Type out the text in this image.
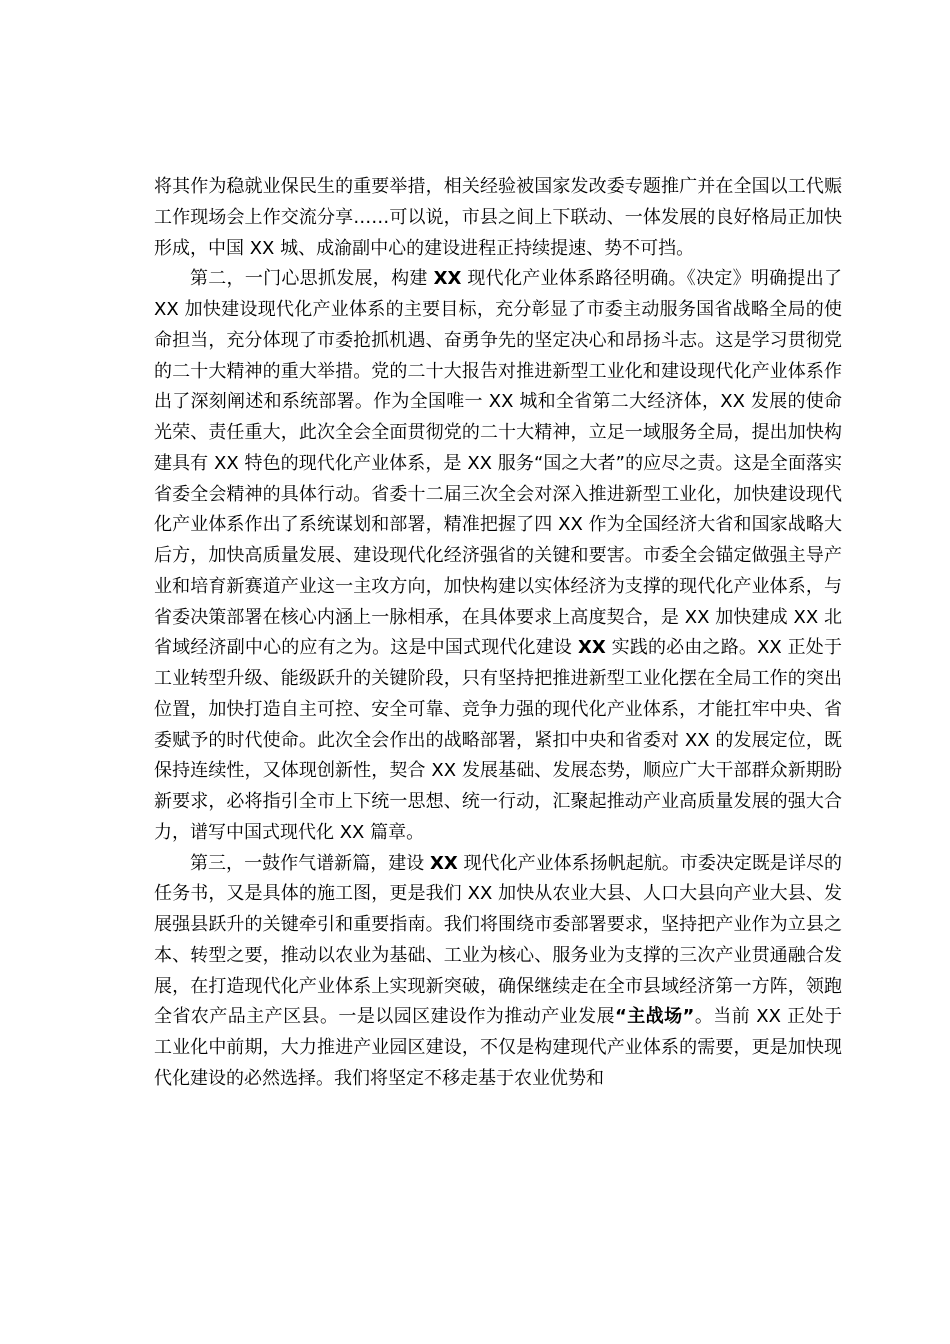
将其作为稳就业保民生的重要举措，相关经验被国家发改委专题推广并在全国以工代赈工作现场会上作交流分享……可以说，市县之间上下联动、一体发展的良好格局正加快形成，中国 XX 城、成渝副中心的建设进程正持续提速、势不可挡。

第二，一门心思抓发展，构建 XX 现代化产业体系路径明确。《决定》明确提出了 XX 加快建设现代化产业体系的主要目标，充分彰显了市委主动服务国省战略全局的使命担当，充分体现了市委抢抓机遇、奋勇争先的坚定决心和昂扬斗志。这是学习贯彻党的二十大精神的重大举措。党的二十大报告对推进新型工业化和建设现代化产业体系作出了深刻阐述和系统部署。作为全国唯一 XX 城和全省第二大经济体，XX 发展的使命光荣、责任重大，此次全会全面贯彻党的二十大精神，立足一域服务全局，提出加快构建具有 XX 特色的现代化产业体系，是 XX 服务“国之大者”的应尽之责。这是全面落实省委全会精神的具体行动。省委十二届三次全会对深入推进新型工业化，加快建设现代化产业体系作出了系统谋划和部署，精准把握了四 XX 作为全国经济大省和国家战略大后方，加快高质量发展、建设现代化经济强省的关键和要害。市委全会锚定做强主导产业和培育新赛道产业这一主攻方向，加快构建以实体经济为支撑的现代化产业体系，与省委决策部署在核心内涵上一脉相承，在具体要求上高度契合，是 XX 加快建成 XX 北省域经济副中心的应有之为。这是中国式现代化建设 XX 实践的必由之路。XX 正处于工业转型升级、能级跃升的关键阶段，只有坚持把推进新型工业化摆在全局工作的突出位置，加快打造自主可控、安全可靠、竞争力强的现代化产业体系，才能扛牢中央、省委赋予的时代使命。此次全会作出的战略部署，紧扣中央和省委对 XX 的发展定位，既保持连续性，又体现创新性，契合 XX 发展基础、发展态势，顺应广大干部群众新期盼新要求，必将指引全市上下统一思想、统一行动，汇聚起推动产业高质量发展的强大合力，谱写中国式现代化 XX 篇章。

第三，一鼓作气谱新篇，建设 XX 现代化产业体系扬帆起航。市委决定既是详尽的任务书，又是具体的施工图，更是我们 XX 加快从农业大县、人口大县向产业大县、发展强县跃升的关键牵引和重要指南。我们将围绕市委部署要求，坚持把产业作为立县之本、转型之要，推动以农业为基础、工业为核心、服务业为支撑的三次产业贯通融合发展，在打造现代化产业体系上实现新突破，确保继续走在全市县域经济第一方阵，领跑全省农产品主产区县。一是以园区建设作为推动产业发展“主战场”。当前 XX 正处于工业化中前期，大力推进产业园区建设，不仅是构建现代产业体系的需要，更是加快现代化建设的必然选择。我们将坚定不移走基于农业优势和
